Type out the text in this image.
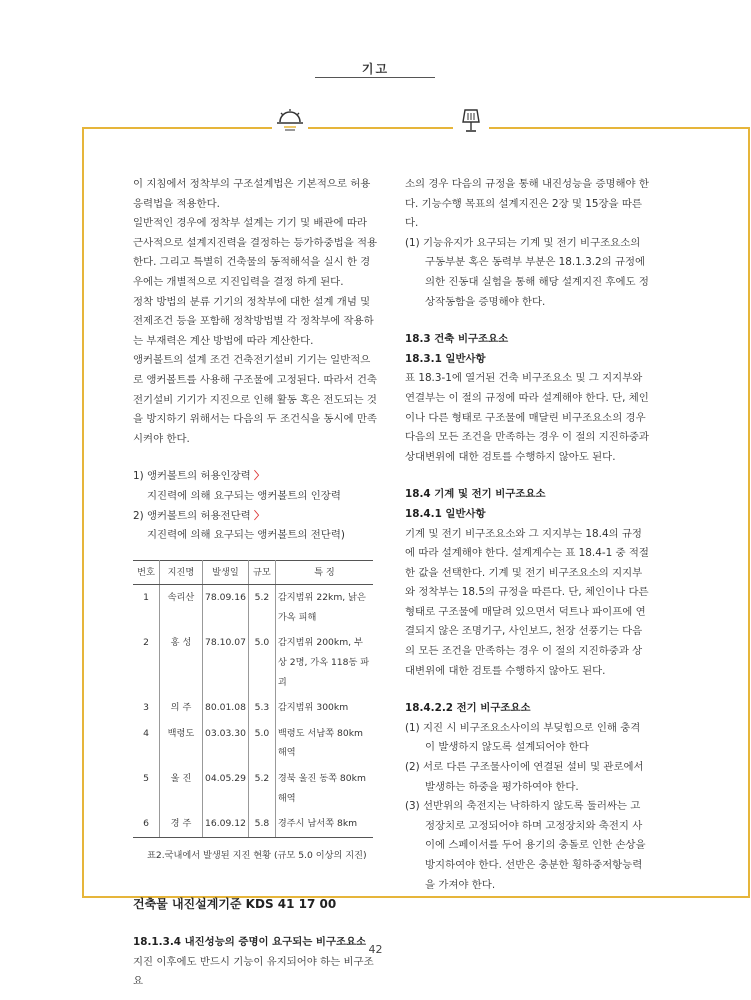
기고

이 지침에서 정착부의 구조설계법은 기본적으로 허용응력법을 적용한다.

일반적인 경우에 정착부 설계는 기기 및 배관에 따라 근사적으로 설계지진력을 결정하는 등가하중법을 적용한다. 그리고 특별히 건축물의 동적해석을 실시 한 경우에는 개별적으로 지진입력을 결정 하게 된다.

정착 방법의 분류 기기의 정착부에 대한 설계 개념 및 전제조건 등을 포함해 정착방법별 각 정착부에 작용하는 부재력은 계산 방법에 따라 계산한다.

앵커볼트의 설계 조건 건축전기설비 기기는 일반적으로 앵커볼트를 사용해 구조물에 고정된다. 따라서 건축전기설비 기기가 지진으로 인해 활동 혹은 전도되는 것을 방지하기 위해서는 다음의 두 조건식을 동시에 만족시켜야 한다.

1) 앵커볼트의 허용인장력 〉

지진력에 의해 요구되는 앵커볼트의 인장력

2) 앵커볼트의 허용전단력 〉

지진력에 의해 요구되는 앵커볼트의 전단력)

번호	지진명	발생일	규모	특 징
1	속리산	78.09.16	5.2	감지범위 22km, 낡은 가옥 피해
2	홍 성	78.10.07	5.0	감지범위 200km, 부상 2명, 가옥 118동 파괴
3	의 주	80.01.08	5.3	감지범위 300km
4	백령도	03.03.30	5.0	백령도 서남쪽 80km 해역
5	울 진	04.05.29	5.2	경북 울진 동쪽 80km 해역
6	경 주	16.09.12	5.8	경주시 남서쪽 8km
표2.국내에서 발생된 지진 현황 (규모 5.0 이상의 지진)

건축물 내진설계기준 KDS 41 17 00

18.1.3.4 내진성능의 증명이 요구되는 비구조요소

지진 이후에도 반드시 기능이 유지되어야 하는 비구조요

소의 경우 다음의 규정을 통해 내진성능을 증명해야 한다. 기능수행 목표의 설계지진은 2장 및 15장을 따른다.

(1) 기능유지가 요구되는 기계 및 전기 비구조요소의 구동부분 혹은 동력부 부분은 18.1.3.2의 규정에 의한 진동대 실험을 통해 해당 설계지진 후에도 정상작동함을 증명해야 한다.

18.3 건축 비구조요소

18.3.1 일반사항

표 18.3-1에 열거된 건축 비구조요소 및 그 지지부와 연결부는 이 절의 규정에 따라 설계해야 한다. 단, 체인이나 다른 형태로 구조물에 매달린 비구조요소의 경우 다음의 모든 조건을 만족하는 경우 이 절의 지진하중과 상대변위에 대한 검토를 수행하지 않아도 된다.

18.4 기계 및 전기 비구조요소

18.4.1 일반사항

기계 및 전기 비구조요소와 그 지지부는 18.4의 규정에 따라 설계해야 한다. 설계계수는 표 18.4-1 중 적절한 값을 선택한다. 기계 및 전기 비구조요소의 지지부와 정착부는 18.5의 규정을 따른다. 단, 체인이나 다른 형태로 구조물에 매달려 있으면서 덕트나 파이프에 연결되지 않은 조명기구, 사인보드, 천장 선풍기는 다음의 모든 조건을 만족하는 경우 이 절의 지진하중과 상대변위에 대한 검토를 수행하지 않아도 된다.

18.4.2.2 전기 비구조요소

(1) 지진 시 비구조요소사이의 부딪힘으로 인해 충격이 발생하지 않도록 설계되어야 한다

(2) 서로 다른 구조물사이에 연결된 설비 및 관로에서 발생하는 하중을 평가하여야 한다.

(3) 선반위의 축전지는 낙하하지 않도록 둘러싸는 고정장치로 고정되어야 하며 고정장치와 축전지 사이에 스페이서를 두어 용기의 충돌로 인한 손상을 방지하여야 한다. 선반은 충분한 횡하중저항능력을 가져야 한다.

42
